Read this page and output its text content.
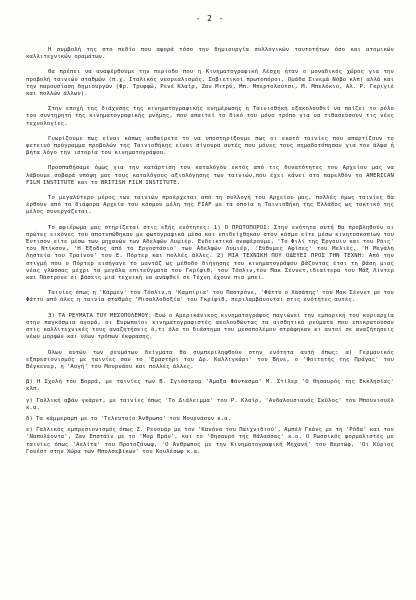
- 2 -

Η συμβολή της στο πεδίο που αφορά τόσο την δημιουργία συλλογικών ταυτοτήτων όσο και ατομικών καλλιτεχνικών οραμάτων.

Θα πρέπει να αναφέρθουμε την περίοδο που η Κινηματογραφική Λέσχη ήταν ο μοναδικός χώρος για την προβολή ταινιών σταθμών (π.χ. Ιταλικός νεορεαλισμός, Σοβιετικοί πρωτοπόροι, Ομάδα Σινεμά Νόβο κλπ) αλλά και την παρουσίαση δημιουργών (Φρ. Τρυφφώ, Ρενέ Κλαίρ, Ζαν Μιτρύ, Μπ. Μπερτολούτσι, Μ. Μπελόκιο, Αλ. Ρ. Γκριγιέ και πολλών άλλων).

Στην εποχή της διάχυσης της κινηματογραφικής ενημέρωσης η Ταινιοθήκη εξακολουθεί να παίζει το ρόλο του συντηρητή της κινηματογραφικής μνήμης, που απαιτεί το δικό του μόνο τρόπο για να τιθασεύσουν τις νέες τεχνολογίες.

Γνωρίζουμε πως είναι κάπως αυθαίρετο το να υποστηρίξουμε πως οι εκατό ταινίες που απαρτίζουν το φετεινό πρόγραμμα προβολών της Ταινιοθήκης είναι σίγουρα αυτές που μόνες τους σημαδοτόπησαν για τον άλφα ή βήτα λόγο την ιστορία του κινηματογράφου.

Προσπαθήσαμε όμως για την κατάρτιση του καταλόγου εκτός από τις δυνατότητες του Αρχείου μας να λάβουμε σοβαρά υπόψη μας τους καταλόγους αξιολόγησης των ταινιών,που έχει κάνει στο παρελθόν το AMERICAN FILM INSTITUTE και το BRITISH FILM INSTITUTE.

Το μεγαλύτερο μέρος των ταινιών προέρχεται από τη συλλογή του Αρχείου μας, πολλές όμως ταινίες θα έρθουν από τα διάφορα Αρχεία του κόσμου μέλη της FIAF με τα οποία η Ταινιοθήκη της Ελλάδος ως τακτικό της μέλος συνεργάζεται.

Το αφιέρωμα μας στηρίζεται στις εξής ενότητες: 1) Ο ΠΡΩΤΟΠΟΡΟΙ: Στην ενότητα αυτή θα προβληθούν οι πρώτες εικόνες του αποτυπώθηκαν με φωτογραφικά μέσα και επιδείχθηκαν στον κόσμο είτε μέσω κινητοσκοπίων του Έντισον είτε μέσω των μηχανών των Αδελφών Λυμιέρ. Ενδεικτικά αναφέρουμε, 'Το Φιλί της Έργουιν και του Ράις' του Ντίκσον, 'Η Έξοδος από το Εργοστάσιο' των Αδελφών Λυμιέρ, 'Εύθυμες Αφίσες' του Μελιές, 'Η Μεγάλη Ληστεία του Τραίνου' του Ε. Πόρτερ και πολλές άλλες. 2) ΜΙΑ ΤΕΧΝΙΚΗ ΠΟΥ ΟΔΕΥΕΙ ΠΡΟΣ ΤΗΝ ΤΕΧΝΗ: Από την στιγμή που ο Πόρτερ εισήγαγε το μοντάζ ως μέθοδο διήγησης του κινηματογράφου βάζοντας έτσι τη βάση μιας νέας γλώσσας μέχρι τα μεγάλα επιτεύγματα του Γκρίφιθ, του Τόσλιν,του Μακ Σέννετ,ιδιαίτερα του Μάξ Λίντερ και Πάστρονε οι βάσεις μιά τεχνική να αναφθεί σε Τέχνη έχουν πια μπεί.

Ταινίες όπως η 'Κάρμεν' του Τόσλιν,η 'Καμπίρια' του Παστρόνε, 'Φάττυ ο Χασάπης' του Μακ Σέννετ με τον Φάττυ από όλες η ταινία σταθμός 'Μισαλλοδοξία' του Γκρίφιθ, περιλαμβάνονται στις ενότητες αυτές.

3) ΤΑ ΡΕΥΜΑΤΑ ΤΟΥ ΜΕΣΟΠΟΛΕΜΟΥ: Ενώ ο Αμερικάνικος κινηματογράφος παγιώνει την εμπορική του κυριαρχία στην παγκόσμια αγορά, οι Ευρωπαίοι κινηματογραφιστές ακολουθώντας τα αισθητικά ρεύματα που επικρατούσαν στις καλλιτεχνικές τους αναζητήσεις ό,τι όλο το διάστημα του μεσοπολέμου στράφηκαν κι αυτοί σε αναζήτησεις νέων μορφών και νέων τρόπων έκφρασης.

Όλων αυτών των ρευμάτων δείγματα θα συμπεριληφθούν στην ενότητα αυτή όπως: α) Γερμανικός εξπρεσιονισμός με ταινίες σαν το 'Εραστήρι του Δρ. Καλλιγκάρι' του Βήνε, ο 'Φοιτητής της Πράγας' του Βέγκενερ, η 'Αυγή' του Μουρνάου και πολλές άλλες.

β) Η Σχολή του Βορρά, με ταινίες των Β. Σγιόστρομ 'Άμαξα Φάντασμα' Μ. Στίλερ 'Ο Θησαυρός της Εκκλησίας' κλπ.

γ) Γαλλική αβάν γκάρντ, με ταινίες όπως 'Το Διάλειμμα' του Ρ. Κλαίρ, 'Ανδαλουσιανός Σκύλος' του Μπουνιουέλ κ.α.

δ) Τα κάμμεραμπ με το 'Τελευταίο Άνθρωπο' του Μουρνάουν κ.α.

ε) Γαλλικός εμπρεσιονισμός όπως Ζ. Ρενουάρ με τον 'Κανόνα του Παιχνιδιού', Αμπέλ Γκάνς με τη 'Ρόδα' και τον 'Ναπολέοντα', Ζαν Επστάϊν με το 'Μορ Βράν', και το 'Θησαυρό της Θάλασσας' κ.ο. Ο Ρωσσικός φορμαλιστές με ταινίες όπως 'Αελίτα' του Προτοζάνωφ, 'Ο Άνθρωπος με την Κινηματογραφική Μηχανή' του Βερτώφ, 'Οι Κύριος Γουέστ στην Χώρα των Μπολσεβίκων' του Κουλέσωφ κ.α.
